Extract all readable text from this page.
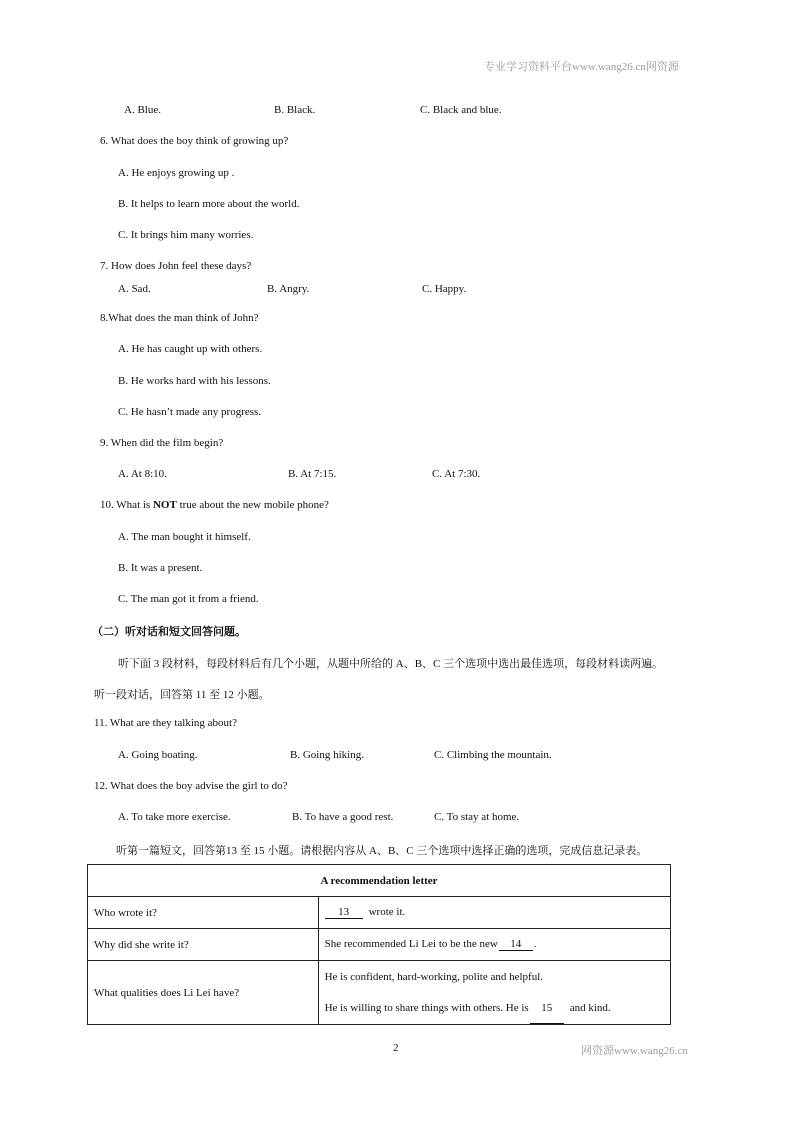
专业学习资料平台www.wang26.cn网资源
A. Blue.	B. Black.	C. Black and blue.
6. What does the boy think of growing up?
A. He enjoys growing up .
B. It helps to learn more about the world.
C. It brings him many worries.
7. How does John feel these days?
A. Sad.	B. Angry.	C. Happy.
8.What does the man think of John?
A. He has caught up with others.
B. He works hard with his lessons.
C. He hasn’t made any progress.
9. When did the film begin?
A. At 8:10.	B. At 7:15.	C. At 7:30.
10. What is NOT true about the new mobile phone?
A. The man bought it himself.
B. It was a present.
C. The man got it from a friend.
（二）听对话和短文回答问题。
听下面 3 段材料，每段材料后有几个小题，从题中所给的 A、B、C 三个选项中选出最佳选项，每段材料读两遍。
听一段对话，回答第 11 至 12 小题。
11. What are they talking about?
A. Going boating.	B. Going hiking.	C. Climbing the mountain.
12. What does the boy advise the girl to do?
A. To take more exercise.	B. To have a good rest.	C. To stay at home.
听第一篇短文，回答第13 至 15 小题。请根据内容从 A、B、C 三个选项中选择正确的选项，完成信息记录表。
A recommendation letter	
Who wrote it?	13 wrote it.
Why did she write it?	She recommended Li Lei to be the new 14 .
What qualities does Li Lei have?	He is confident, hard-working, polite and helpful.
He is willing to share things with others. He is 15 and kind.
2	网资源www.wang26.cn
